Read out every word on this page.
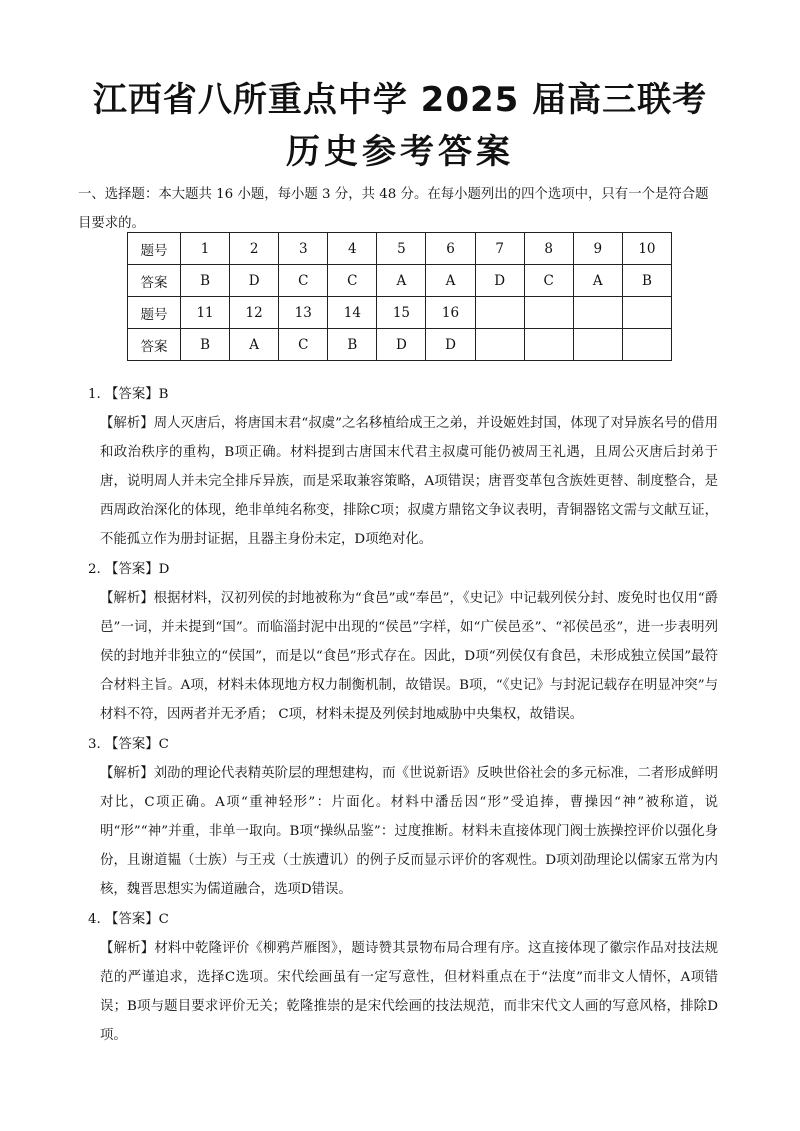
江西省八所重点中学 2025 届高三联考
历史参考答案

一、选择题：本大题共 16 小题，每小题 3 分，共 48 分。在每小题列出的四个选项中，只有一个是符合题

目要求的。

题号	1	2	3	4	5	6	7	8	9	10
答案	B	D	C	C	A	A	D	C	A	B
题号	11	12	13	14	15	16				
答案	B	A	C	B	D	D				

1. 【答案】B

【解析】周人灭唐后，将唐国末君“叔虞”之名移植给成王之弟，并设姬姓封国，体现了对异族名号的借用和政治秩序的重构，B项正确。材料提到古唐国末代君主叔虞可能仍被周王礼遇，且周公灭唐后封弟于唐，说明周人并未完全排斥异族，而是采取兼容策略，A项错误；唐晋变革包含族姓更替、制度整合，是西周政治深化的体现，绝非单纯名称变，排除C项；叔虞方鼎铭文争议表明，青铜器铭文需与文献互证，不能孤立作为册封证据，且器主身份未定，D项绝对化。

2. 【答案】D

【解析】根据材料，汉初列侯的封地被称为“食邑”或“奉邑”，《史记》中记载列侯分封、废免时也仅用“爵邑”一词，并未提到“国”。而临淄封泥中出现的“侯邑”字样，如“广侯邑丞”、“祁侯邑丞”，进一步表明列侯的封地并非独立的“侯国”，而是以“食邑”形式存在。因此，D项“列侯仅有食邑，未形成独立侯国”最符合材料主旨。A项，材料未体现地方权力制衡机制，故错误。B项，“《史记》与封泥记载存在明显冲突”与材料不符，因两者并无矛盾； C项，材料未提及列侯封地威胁中央集权，故错误。

3. 【答案】C

【解析】刘劭的理论代表精英阶层的理想建构，而《世说新语》反映世俗社会的多元标准，二者形成鲜明对比，C项正确。A项“重神轻形”：片面化。材料中潘岳因“形”受追捧，曹操因“神”被称道，说明“形”“神”并重，非单一取向。B项“操纵品鉴”：过度推断。材料未直接体现门阀士族操控评价以强化身份，且谢道韫（士族）与王戎（士族遭讥）的例子反而显示评价的客观性。D项刘劭理论以儒家五常为内核，魏晋思想实为儒道融合，选项D错误。

4. 【答案】C

【解析】材料中乾隆评价《柳鸦芦雁图》，题诗赞其景物布局合理有序。这直接体现了徽宗作品对技法规范的严谨追求，选择C选项。宋代绘画虽有一定写意性，但材料重点在于“法度”而非文人情怀，A项错误；B项与题目要求评价无关；乾隆推崇的是宋代绘画的技法规范，而非宋代文人画的写意风格，排除D项。
